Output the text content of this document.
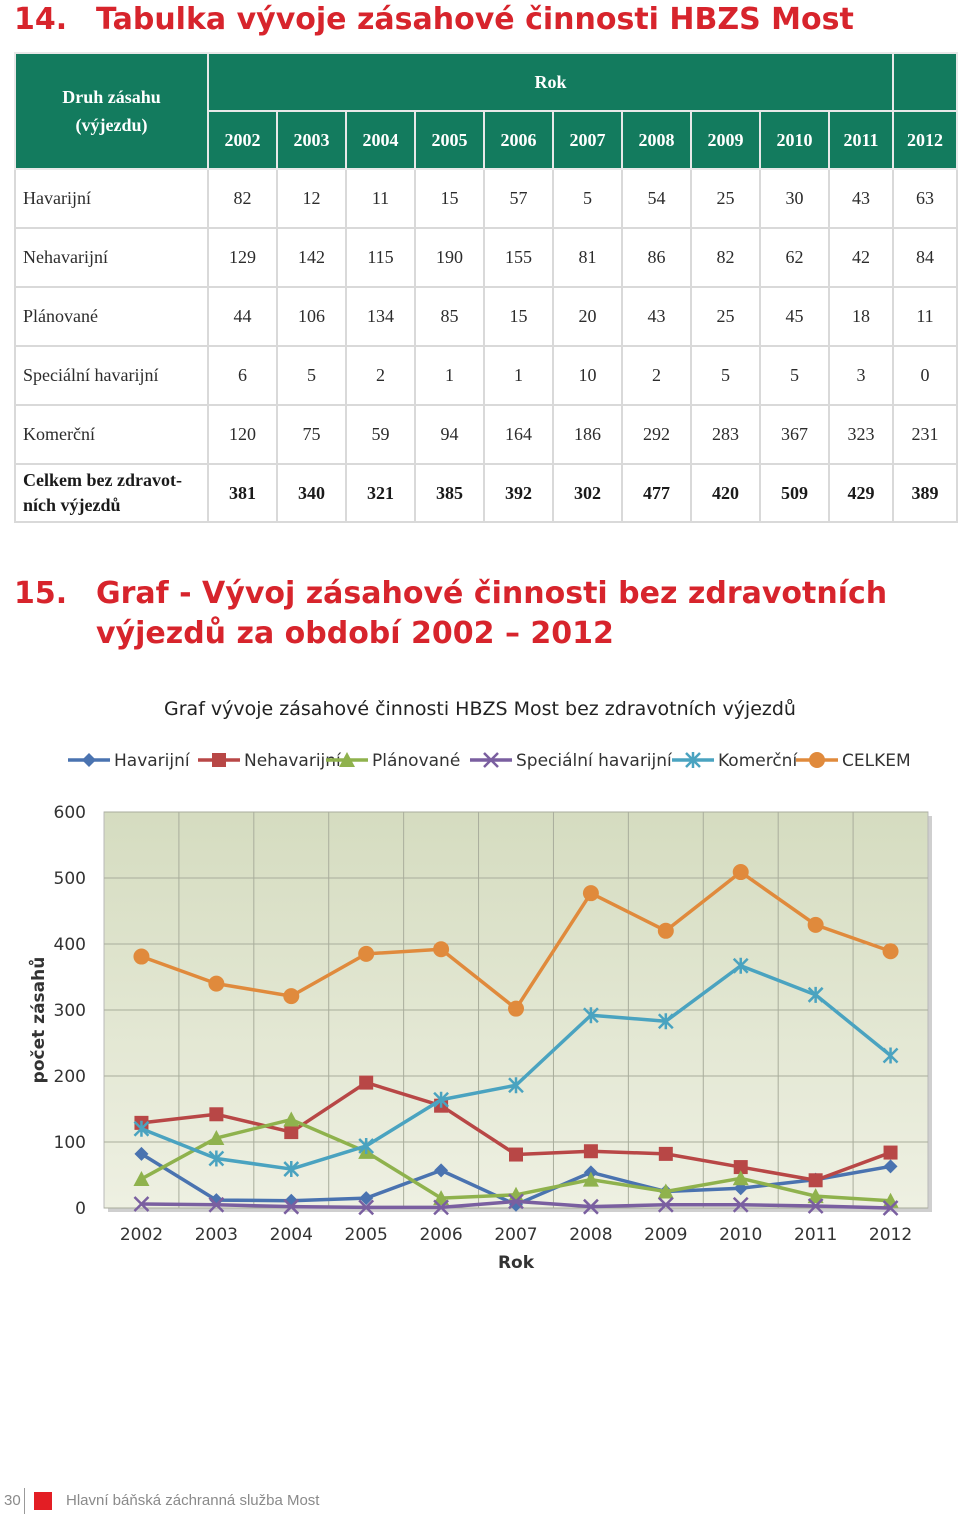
14. Tabulka vývoje zásahové činnosti HBZS Most
Druh zásahu
(výjezdu)	Rok										
	2002	2003	2004	2005	2006	2007	2008	2009	2010	2011	2012
Havarijní	82	12	11	15	57	5	54	25	30	43	63
Nehavarijní	129	142	115	190	155	81	86	82	62	42	84
Plánované	44	106	134	85	15	20	43	25	45	18	11
Speciální havarijní	6	5	2	1	1	10	2	5	5	3	0
Komerční	120	75	59	94	164	186	292	283	367	323	231
Celkem bez zdravot-
ních výjezdů	381	340	321	385	392	302	477	420	509	429	389
15. Graf - Vývoj zásahové činnosti bez zdravotních
výjezdů za období 2002 – 2012
Graf vývoje zásahové činnosti HBZS Most bez zdravotních výjezdů
0
100
200
300
400
500
600
2002 2003 2004 2005 2006 2007 2008 2009 2010 2011 2012
Rok
počet zásahů
Havarijní	Nehavarijní Plánované	Speciální havarijní	Komerční	CELKEM
30	Hlavní báňská záchranná služba Most
